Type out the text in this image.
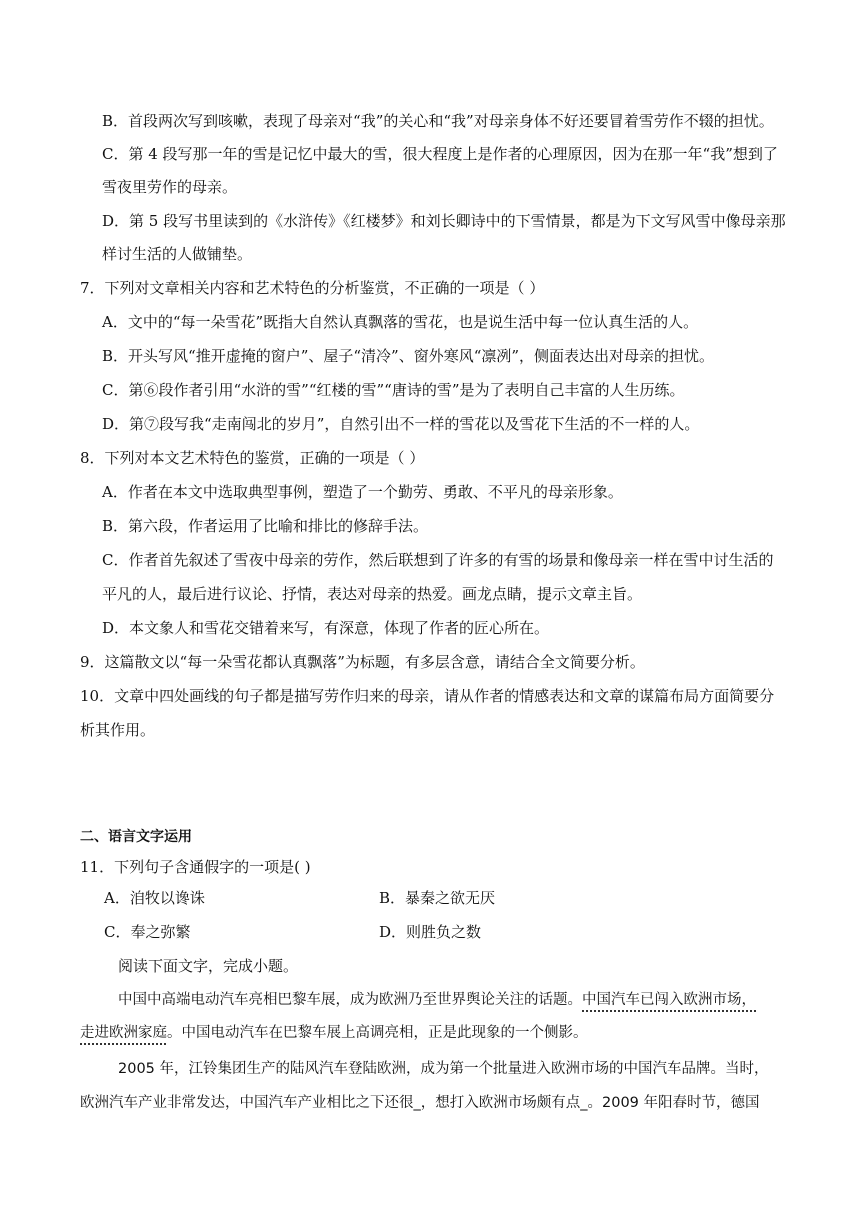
B．首段两次写到咳嗽，表现了母亲对“我”的关心和“我”对母亲身体不好还要冒着雪劳作不辍的担忧。
C．第 4 段写那一年的雪是记忆中最大的雪，很大程度上是作者的心理原因，因为在那一年“我”想到了
雪夜里劳作的母亲。
D．第 5 段写书里读到的《水浒传》《红楼梦》和刘长卿诗中的下雪情景，都是为下文写风雪中像母亲那
样讨生活的人做铺垫。
7．下列对文章相关内容和艺术特色的分析鉴赏，不正确的一项是（ ）
A．文中的“每一朵雪花”既指大自然认真飘落的雪花，也是说生活中每一位认真生活的人。
B．开头写风“推开虚掩的窗户”、屋子“清冷”、窗外寒风“凛冽”，侧面表达出对母亲的担忧。
C．第⑥段作者引用“水浒的雪”“红楼的雪”“唐诗的雪”是为了表明自己丰富的人生历练。
D．第⑦段写我“走南闯北的岁月”，自然引出不一样的雪花以及雪花下生活的不一样的人。
8．下列对本文艺术特色的鉴赏，正确的一项是（ ）
A．作者在本文中选取典型事例，塑造了一个勤劳、勇敢、不平凡的母亲形象。
B．第六段，作者运用了比喻和排比的修辞手法。
C．作者首先叙述了雪夜中母亲的劳作，然后联想到了许多的有雪的场景和像母亲一样在雪中讨生活的
平凡的人，最后进行议论、抒情，表达对母亲的热爱。画龙点睛，提示文章主旨。
D．本文象人和雪花交错着来写，有深意，体现了作者的匠心所在。
9．这篇散文以“每一朵雪花都认真飘落”为标题，有多层含意，请结合全文简要分析。
10．文章中四处画线的句子都是描写劳作归来的母亲，请从作者的情感表达和文章的谋篇布局方面简要分
析其作用。
二、语言文字运用
11．下列句子含通假字的一项是( )
A．洎牧以谗诛	B．暴秦之欲无厌
C．奉之弥繁	D．则胜负之数
阅读下面文字，完成小题。
中国中高端电动汽车亮相巴黎车展，成为欧洲乃至世界舆论关注的话题。中国汽车已闯入欧洲市场，
走进欧洲家庭。中国电动汽车在巴黎车展上高调亮相，正是此现象的一个侧影。
2005 年，江铃集团生产的陆风汽车登陆欧洲，成为第一个批量进入欧洲市场的中国汽车品牌。当时，
欧洲汽车产业非常发达，中国汽车产业相比之下还很_，想打入欧洲市场颇有点_。2009 年阳春时节，德国
